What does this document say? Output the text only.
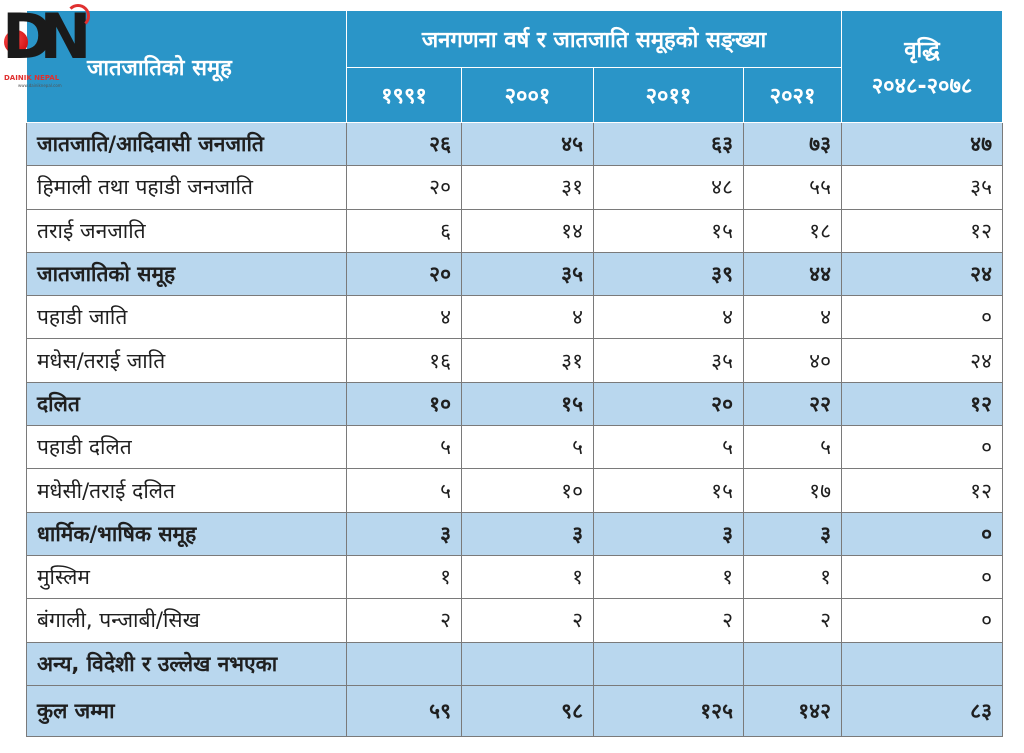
DN
DAINIK NEPAL
www.dainiknepal.com
जातजातिको समूह	जनगणना वर्ष र जातजाति समूहको सङ्ख्या				वृद्धि
२०४८-२०७८

	१९९१	२००१	२०११	२०२१	
जातजाति/आदिवासी जनजाति	२६	४५	६३	७३	४७
हिमाली तथा पहाडी जनजाति	२०	३१	४८	५५	३५
तराई जनजाति	६	१४	१५	१८	१२
जातजातिको समूह	२०	३५	३९	४४	२४
पहाडी जाति	४	४	४	४	०
मधेस/तराई जाति	१६	३१	३५	४०	२४
दलित	१०	१५	२०	२२	१२
पहाडी दलित	५	५	५	५	०
मधेसी/तराई दलित	५	१०	१५	१७	१२
धार्मिक/भाषिक समूह	३	३	३	३	०
मुस्लिम	१	१	१	१	०
बंगाली, पन्जाबी/सिख	२	२	२	२	०
अन्य, विदेशी र उल्लेख नभएका					
कुल जम्मा	५९	९८	१२५	१४२	८३
